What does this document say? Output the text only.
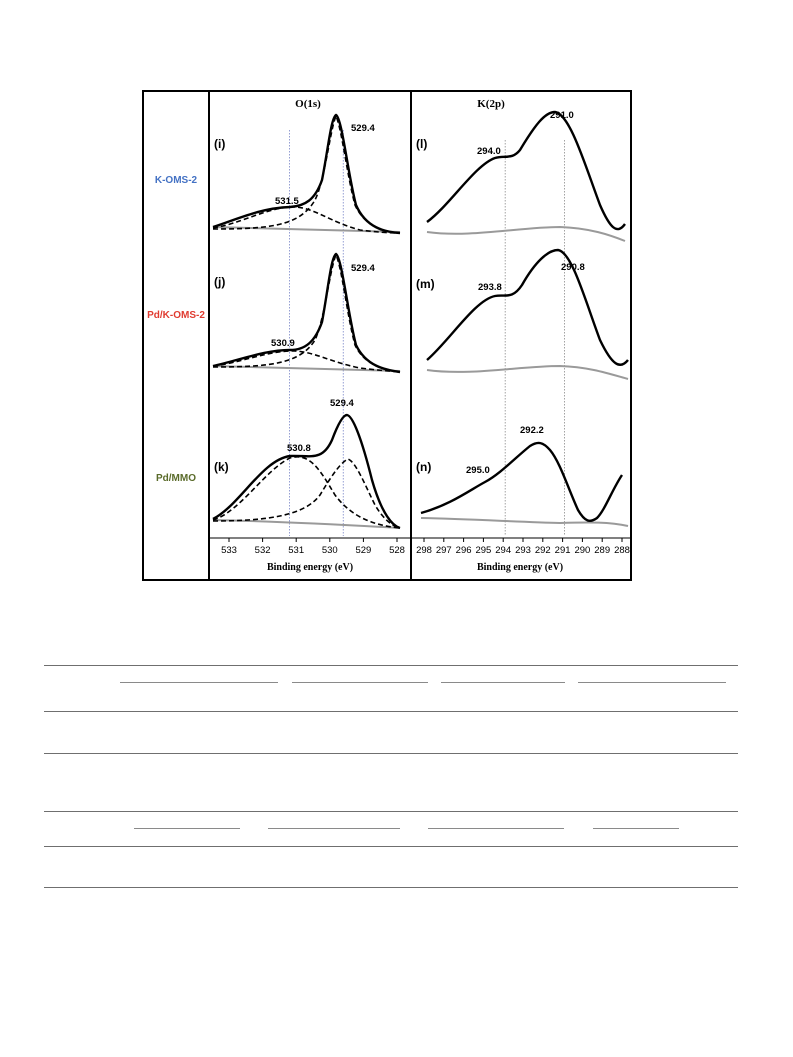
K-OMS-2
Pd/K-OMS-2
Pd/MMO
O(1s)	K(2p)
(i)
(j)
(k)
(l)
(m)
(n)
529.4
531.5
529.4
530.9
529.4
530.8
291.0
294.0
290.8
293.8
292.2
295.0
533 532 531 530 529 528 298 297 296 295 294 293 292 291 290 289 288
Binding energy (eV)	Binding energy (eV)
